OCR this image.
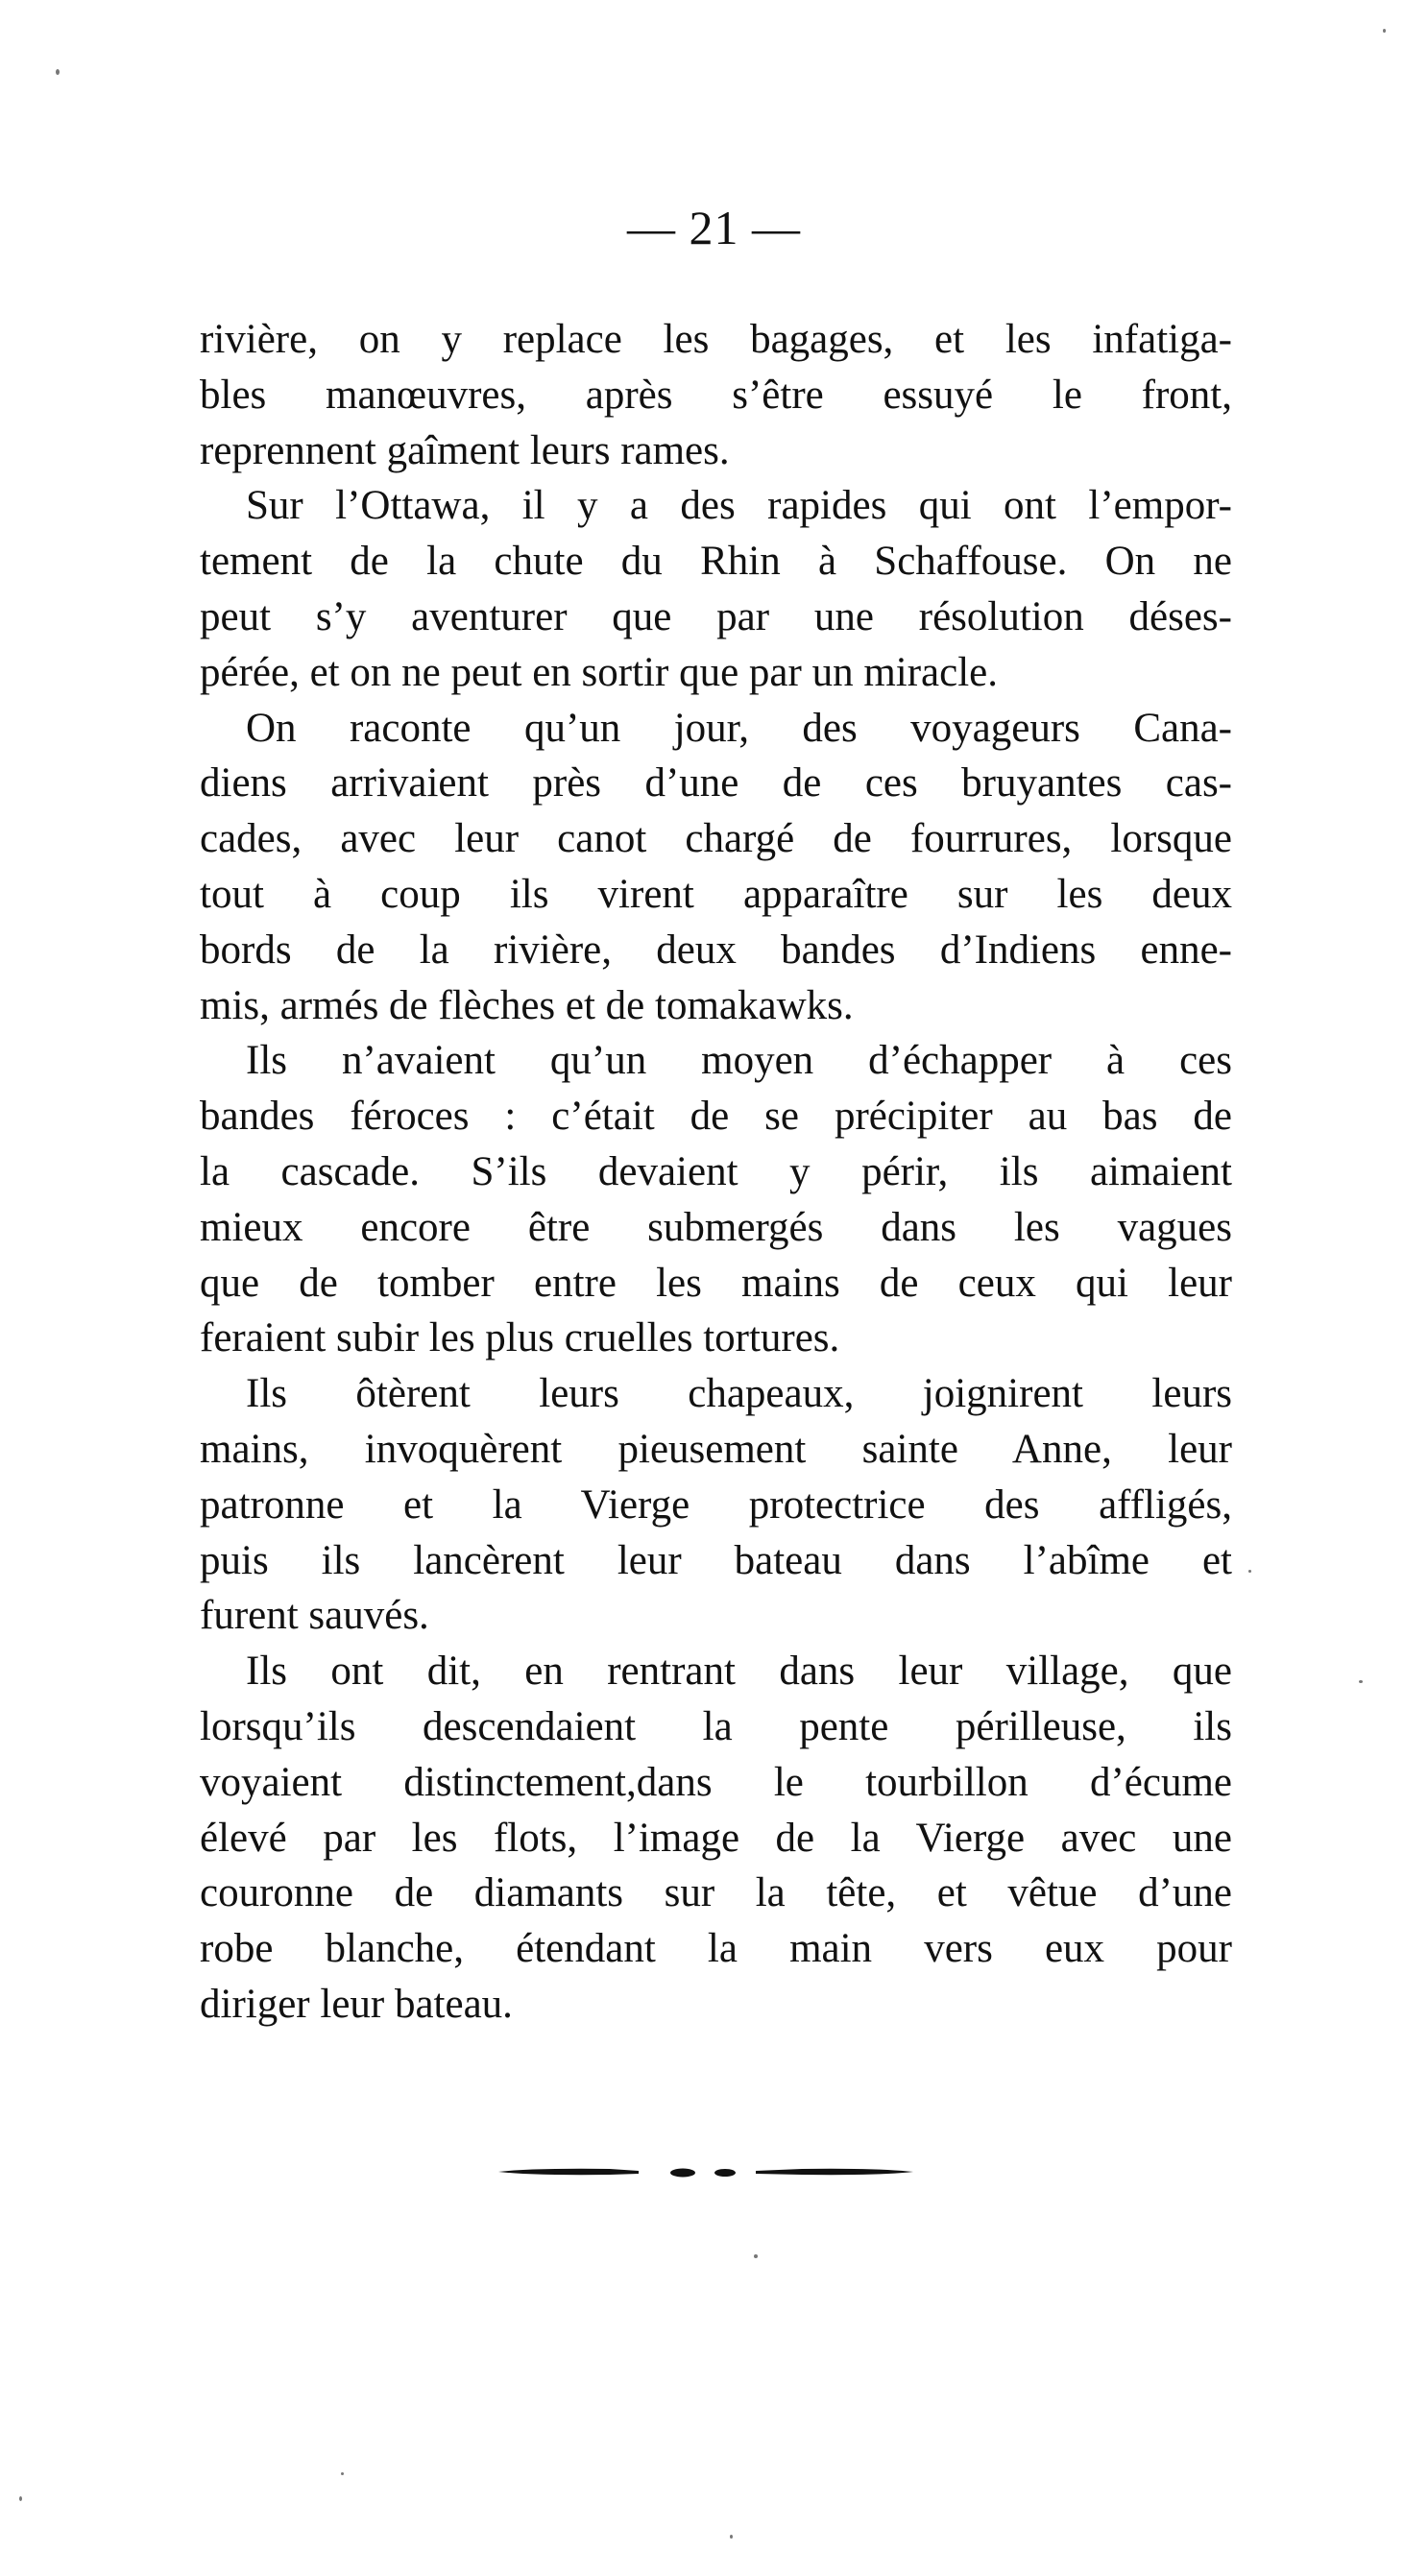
— 21 —
rivière, on y replace les bagages, et les infatiga-
bles manœuvres, après s’être essuyé le front,
reprennent gaîment leurs rames.
Sur l’Ottawa, il y a des rapides qui ont l’empor-
tement de la chute du Rhin à Schaffouse. On ne
peut s’y aventurer que par une résolution déses-
pérée, et on ne peut en sortir que par un miracle.
On raconte qu’un jour, des voyageurs Cana-
diens arrivaient près d’une de ces bruyantes cas-
cades, avec leur canot chargé de fourrures, lorsque
tout à coup ils virent apparaître sur les deux
bords de la rivière, deux bandes d’Indiens enne-
mis, armés de flèches et de tomakawks.
Ils n’avaient qu’un moyen d’échapper à ces
bandes féroces : c’était de se précipiter au bas de
la cascade. S’ils devaient y périr, ils aimaient
mieux encore être submergés dans les vagues
que de tomber entre les mains de ceux qui leur
feraient subir les plus cruelles tortures.
Ils ôtèrent leurs chapeaux, joignirent leurs
mains, invoquèrent pieusement sainte Anne, leur
patronne et la Vierge protectrice des affligés,
puis ils lancèrent leur bateau dans l’abîme et
furent sauvés.
Ils ont dit, en rentrant dans leur village, que
lorsqu’ils descendaient la pente périlleuse, ils
voyaient distinctement,dans le tourbillon d’écume
élevé par les flots, l’image de la Vierge avec une
couronne de diamants sur la tête, et vêtue d’une
robe blanche, étendant la main vers eux pour
diriger leur bateau.
